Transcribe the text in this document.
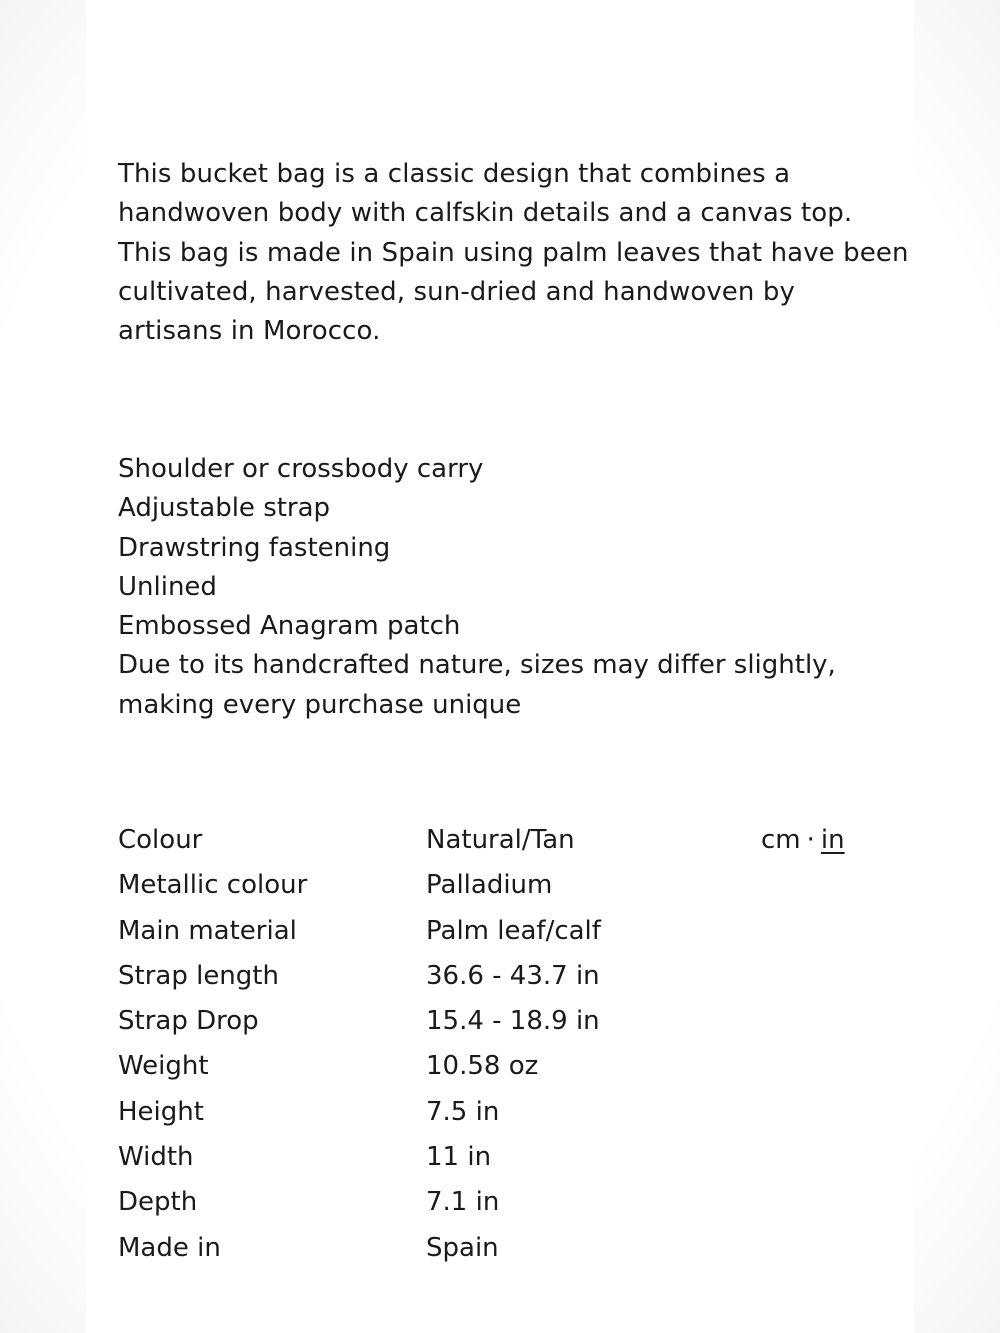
This bucket bag is a classic design that combines a
handwoven body with calfskin details and a canvas top.
This bag is made in Spain using palm leaves that have been
cultivated, harvested, sun-dried and handwoven by
artisans in Morocco.

Shoulder or crossbody carry
Adjustable strap
Drawstring fastening
Unlined
Embossed Anagram patch
Due to its handcrafted nature, sizes may differ slightly,
making every purchase unique
cm · in
Colour	Natural/Tan
Metallic colour	Palladium
Main material	Palm leaf/calf
Strap length	36.6 - 43.7 in
Strap Drop	15.4 - 18.9 in
Weight	10.58 oz
Height	7.5 in
Width	11 in
Depth	7.1 in
Made in	Spain
